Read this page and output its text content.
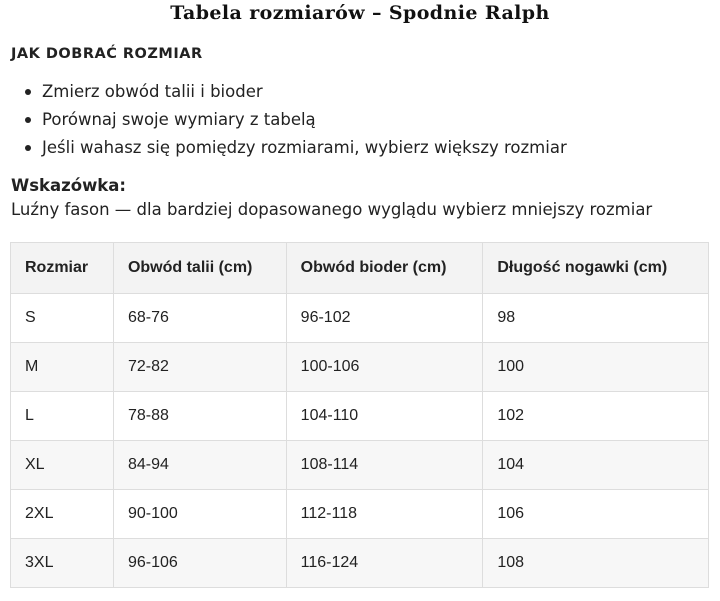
Tabela rozmiarów – Spodnie Ralph
JAK DOBRAĆ ROZMIAR
Zmierz obwód talii i bioder
Porównaj swoje wymiary z tabelą
Jeśli wahasz się pomiędzy rozmiarami, wybierz większy rozmiar
Wskazówka:
Luźny fason — dla bardziej dopasowanego wyglądu wybierz mniejszy rozmiar
Rozmiar	Obwód talii (cm)	Obwód bioder (cm)	Długość nogawki (cm)
S	68-76	96-102	98
M	72-82	100-106	100
L	78-88	104-110	102
XL	84-94	108-114	104
2XL	90-100	112-118	106
3XL	96-106	116-124	108
